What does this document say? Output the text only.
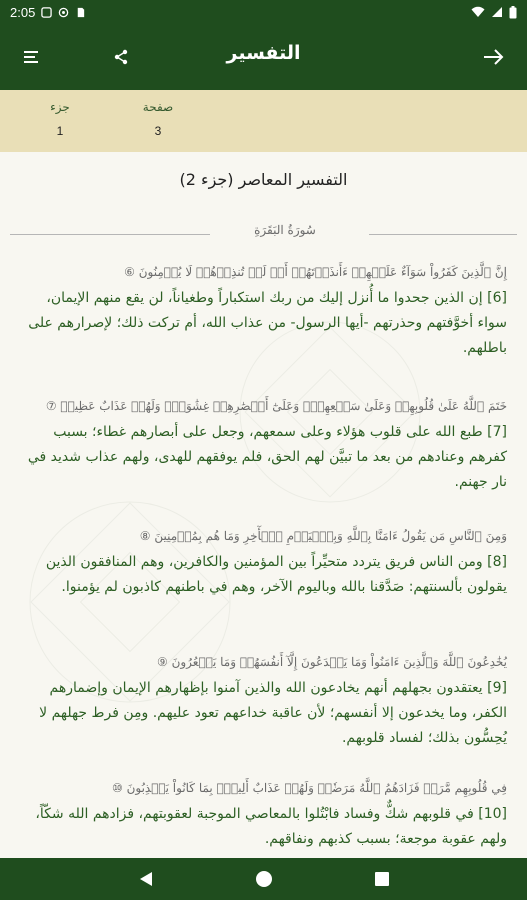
2:05
التفسير
جزء
1
صفحة
3
التفسير المعاصر (جزء 2)
سُورَةُ البَقَرَةِ
إِنَّ ٱلَّذِينَ كَفَرُواْ سَوَآءٌ عَلَيۡهِمۡ ءَأَنذَرۡتَهُمۡ أَمۡ لَمۡ تُنذِرۡهُمۡ لَا يُؤۡمِنُونَ ⑥
[6] إن الذين جحدوا ما أُنزل إليك من ربك استكباراً وطغياناً، لن يقع منهم الإيمان، سواء أخوَّفتهم وحذرتهم -أيها الرسول- من عذاب الله، أم تركت ذلك؛ لإصرارهم على باطلهم.
خَتَمَ ٱللَّهُ عَلَىٰ قُلُوبِهِمۡ وَعَلَىٰ سَمۡعِهِمۡۖ وَعَلَىٰٓ أَبۡصَٰرِهِمۡ غِشَٰوَةٞۖ وَلَهُمۡ عَذَابٌ عَظِيمٞ ⑦
[7] طبع الله على قلوب هؤلاء وعلى سمعهم، وجعل على أبصارهم غطاء؛ بسبب كفرهم وعنادهم من بعد ما تبيَّن لهم الحق، فلم يوفقهم للهدى، ولهم عذاب شديد في نار جهنم.
وَمِنَ ٱلنَّاسِ مَن يَقُولُ ءَامَنَّا بِٱللَّهِ وَبِٱلۡيَوۡمِ ٱلۡأٓخِرِ وَمَا هُم بِمُؤۡمِنِينَ ⑧
[8] ومن الناس فريق يتردد متحيِّراً بين المؤمنين والكافرين، وهم المنافقون الذين يقولون بألسنتهم: صَدَّقنا بالله وباليوم الآخر، وهم في باطنهم كاذبون لم يؤمنوا.
يُخَٰدِعُونَ ٱللَّهَ وَٱلَّذِينَ ءَامَنُواْ وَمَا يَخۡدَعُونَ إِلَّآ أَنفُسَهُمۡ وَمَا يَشۡعُرُونَ ⑨
[9] يعتقدون بجهلهم أنهم يخادعون الله والذين آمنوا بإظهارهم الإيمان وإضمارهم الكفر، وما يخدعون إلا أنفسهم؛ لأن عاقبة خداعهم تعود عليهم. ومِن فرط جهلهم لا يُحِسُّون بذلك؛ لفساد قلوبهم.
فِي قُلُوبِهِم مَّرَضٞ فَزَادَهُمُ ٱللَّهُ مَرَضٗاۖ وَلَهُمۡ عَذَابٌ أَلِيمُۢ بِمَا كَانُواْ يَكۡذِبُونَ ⑩
[10] في قلوبهم شكٌّ وفساد فابْتُلوا بالمعاصي الموجبة لعقوبتهم، فزادهم الله شكّاً، ولهم عقوبة موجعة؛ بسبب كذبهم ونفاقهم.
